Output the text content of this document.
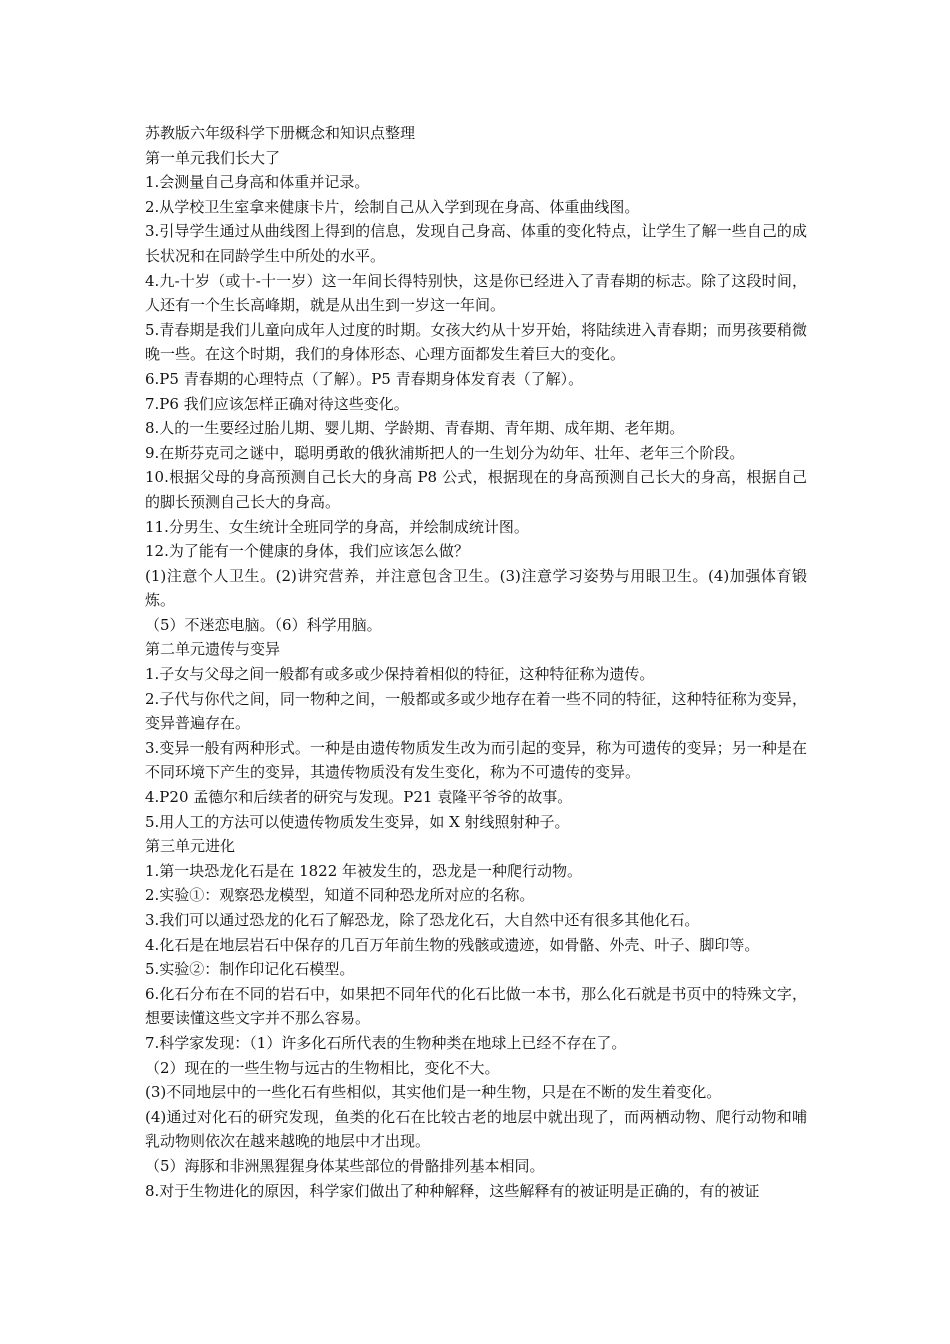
苏教版六年级科学下册概念和知识点整理

第一单元我们长大了

1.会测量自己身高和体重并记录。

2.从学校卫生室拿来健康卡片，绘制自己从入学到现在身高、体重曲线图。

3.引导学生通过从曲线图上得到的信息，发现自己身高、体重的变化特点，让学生了解一些自己的成长状况和在同龄学生中所处的水平。

4.九-十岁（或十-十一岁）这一年间长得特别快，这是你已经进入了青春期的标志。除了这段时间，人还有一个生长高峰期，就是从出生到一岁这一年间。

5.青春期是我们儿童向成年人过度的时期。女孩大约从十岁开始，将陆续进入青春期；而男孩要稍微晚一些。在这个时期，我们的身体形态、心理方面都发生着巨大的变化。

6.P5 青春期的心理特点（了解）。P5 青春期身体发育表（了解）。

7.P6 我们应该怎样正确对待这些变化。

8.人的一生要经过胎儿期、婴儿期、学龄期、青春期、青年期、成年期、老年期。

9.在斯芬克司之谜中，聪明勇敢的俄狄浦斯把人的一生划分为幼年、壮年、老年三个阶段。

10.根据父母的身高预测自己长大的身高 P8 公式，根据现在的身高预测自己长大的身高，根据自己的脚长预测自己长大的身高。

11.分男生、女生统计全班同学的身高，并绘制成统计图。

12.为了能有一个健康的身体，我们应该怎么做？

(1)注意个人卫生。(2)讲究营养，并注意包含卫生。(3)注意学习姿势与用眼卫生。(4)加强体育锻炼。

（5）不迷恋电脑。（6）科学用脑。

第二单元遗传与变异

1.子女与父母之间一般都有或多或少保持着相似的特征，这种特征称为遗传。

2.子代与你代之间，同一物种之间，一般都或多或少地存在着一些不同的特征，这种特征称为变异，变异普遍存在。

3.变异一般有两种形式。一种是由遗传物质发生改为而引起的变异，称为可遗传的变异；另一种是在不同环境下产生的变异，其遗传物质没有发生变化，称为不可遗传的变异。

4.P20 孟德尔和后续者的研究与发现。P21 袁隆平爷爷的故事。

5.用人工的方法可以使遗传物质发生变异，如 X 射线照射种子。

第三单元进化

1.第一块恐龙化石是在 1822 年被发生的，恐龙是一种爬行动物。

2.实验①：观察恐龙模型，知道不同种恐龙所对应的名称。

3.我们可以通过恐龙的化石了解恐龙，除了恐龙化石，大自然中还有很多其他化石。

4.化石是在地层岩石中保存的几百万年前生物的残骸或遗迹，如骨骼、外壳、叶子、脚印等。

5.实验②：制作印记化石模型。

6.化石分布在不同的岩石中，如果把不同年代的化石比做一本书，那么化石就是书页中的特殊文字，想要读懂这些文字并不那么容易。

7.科学家发现：（1）许多化石所代表的生物种类在地球上已经不存在了。

（2）现在的一些生物与远古的生物相比，变化不大。

(3)不同地层中的一些化石有些相似，其实他们是一种生物，只是在不断的发生着变化。

(4)通过对化石的研究发现，鱼类的化石在比较古老的地层中就出现了，而两栖动物、爬行动物和哺乳动物则依次在越来越晚的地层中才出现。

（5）海豚和非洲黑猩猩身体某些部位的骨骼排列基本相同。

8.对于生物进化的原因，科学家们做出了种种解释，这些解释有的被证明是正确的，有的被证
